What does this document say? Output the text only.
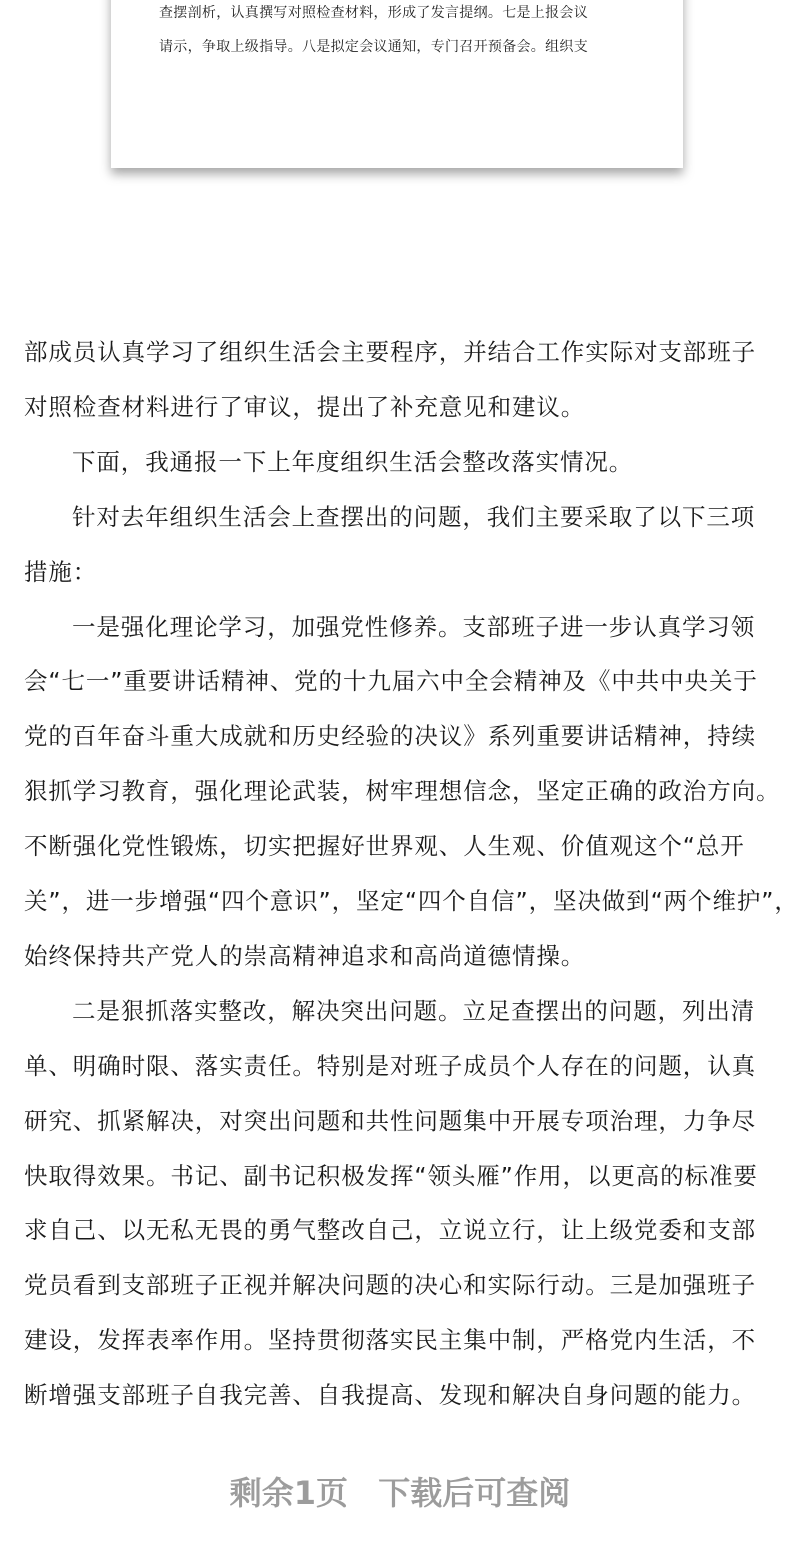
查摆剖析，认真撰写对照检查材料，形成了发言提纲。七是上报会议
请示，争取上级指导。八是拟定会议通知，专门召开预备会。组织支
部成员认真学习了组织生活会主要程序，并结合工作实际对支部班子
对照检查材料进行了审议，提出了补充意见和建议。
下面，我通报一下上年度组织生活会整改落实情况。
针对去年组织生活会上查摆出的问题，我们主要采取了以下三项
措施：
一是强化理论学习，加强党性修养。支部班子进一步认真学习领
会“七一”重要讲话精神、党的十九届六中全会精神及《中共中央关于
党的百年奋斗重大成就和历史经验的决议》系列重要讲话精神，持续
狠抓学习教育，强化理论武装，树牢理想信念，坚定正确的政治方向。
不断强化党性锻炼，切实把握好世界观、人生观、价值观这个“总开
关”，进一步增强“四个意识”，坚定“四个自信”，坚决做到“两个维护”，
始终保持共产党人的崇高精神追求和高尚道德情操。
二是狠抓落实整改，解决突出问题。立足查摆出的问题，列出清
单、明确时限、落实责任。特别是对班子成员个人存在的问题，认真
研究、抓紧解决，对突出问题和共性问题集中开展专项治理，力争尽
快取得效果。书记、副书记积极发挥“领头雁”作用，以更高的标准要
求自己、以无私无畏的勇气整改自己，立说立行，让上级党委和支部
党员看到支部班子正视并解决问题的决心和实际行动。三是加强班子
建设，发挥表率作用。坚持贯彻落实民主集中制，严格党内生活，不
断增强支部班子自我完善、自我提高、发现和解决自身问题的能力。
剩余1页 下载后可查阅
